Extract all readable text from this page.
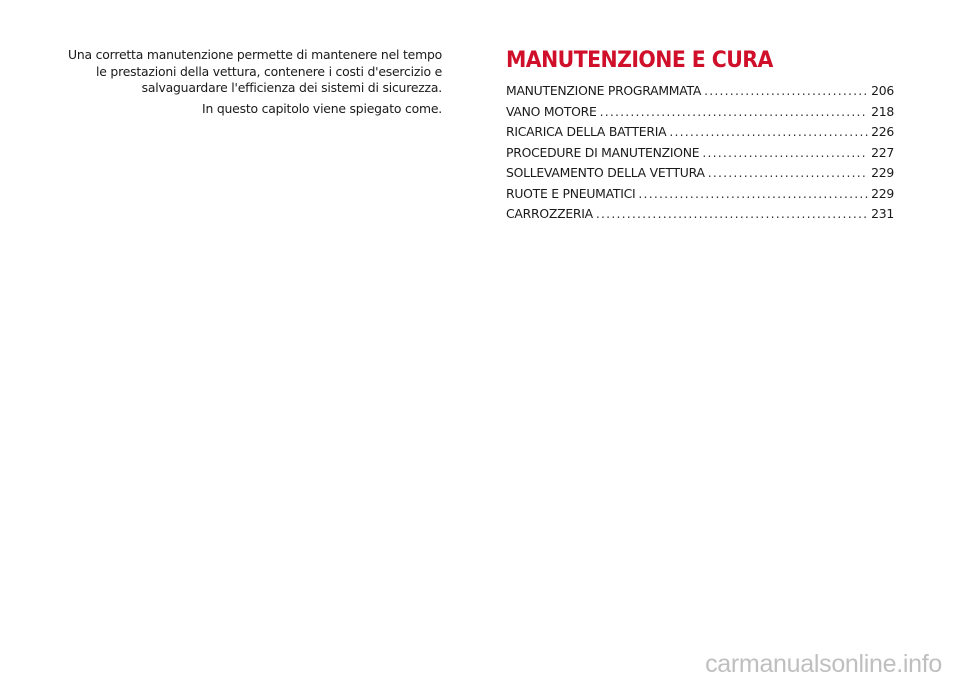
Una corretta manutenzione permette di mantenere nel tempo le prestazioni della vettura, contenere i costi d'esercizio e salvaguardare l'efficienza dei sistemi di sicurezza.

In questo capitolo viene spiegato come.

MANUTENZIONE E CURA
MANUTENZIONE PROGRAMMATA .....	206
VANO MOTORE .....	218
RICARICA DELLA BATTERIA .....	226
PROCEDURE DI MANUTENZIONE .....	227
SOLLEVAMENTO DELLA VETTURA .....	229
RUOTE E PNEUMATICI .....	229
CARROZZERIA .....	231
carmanualsonline.info
